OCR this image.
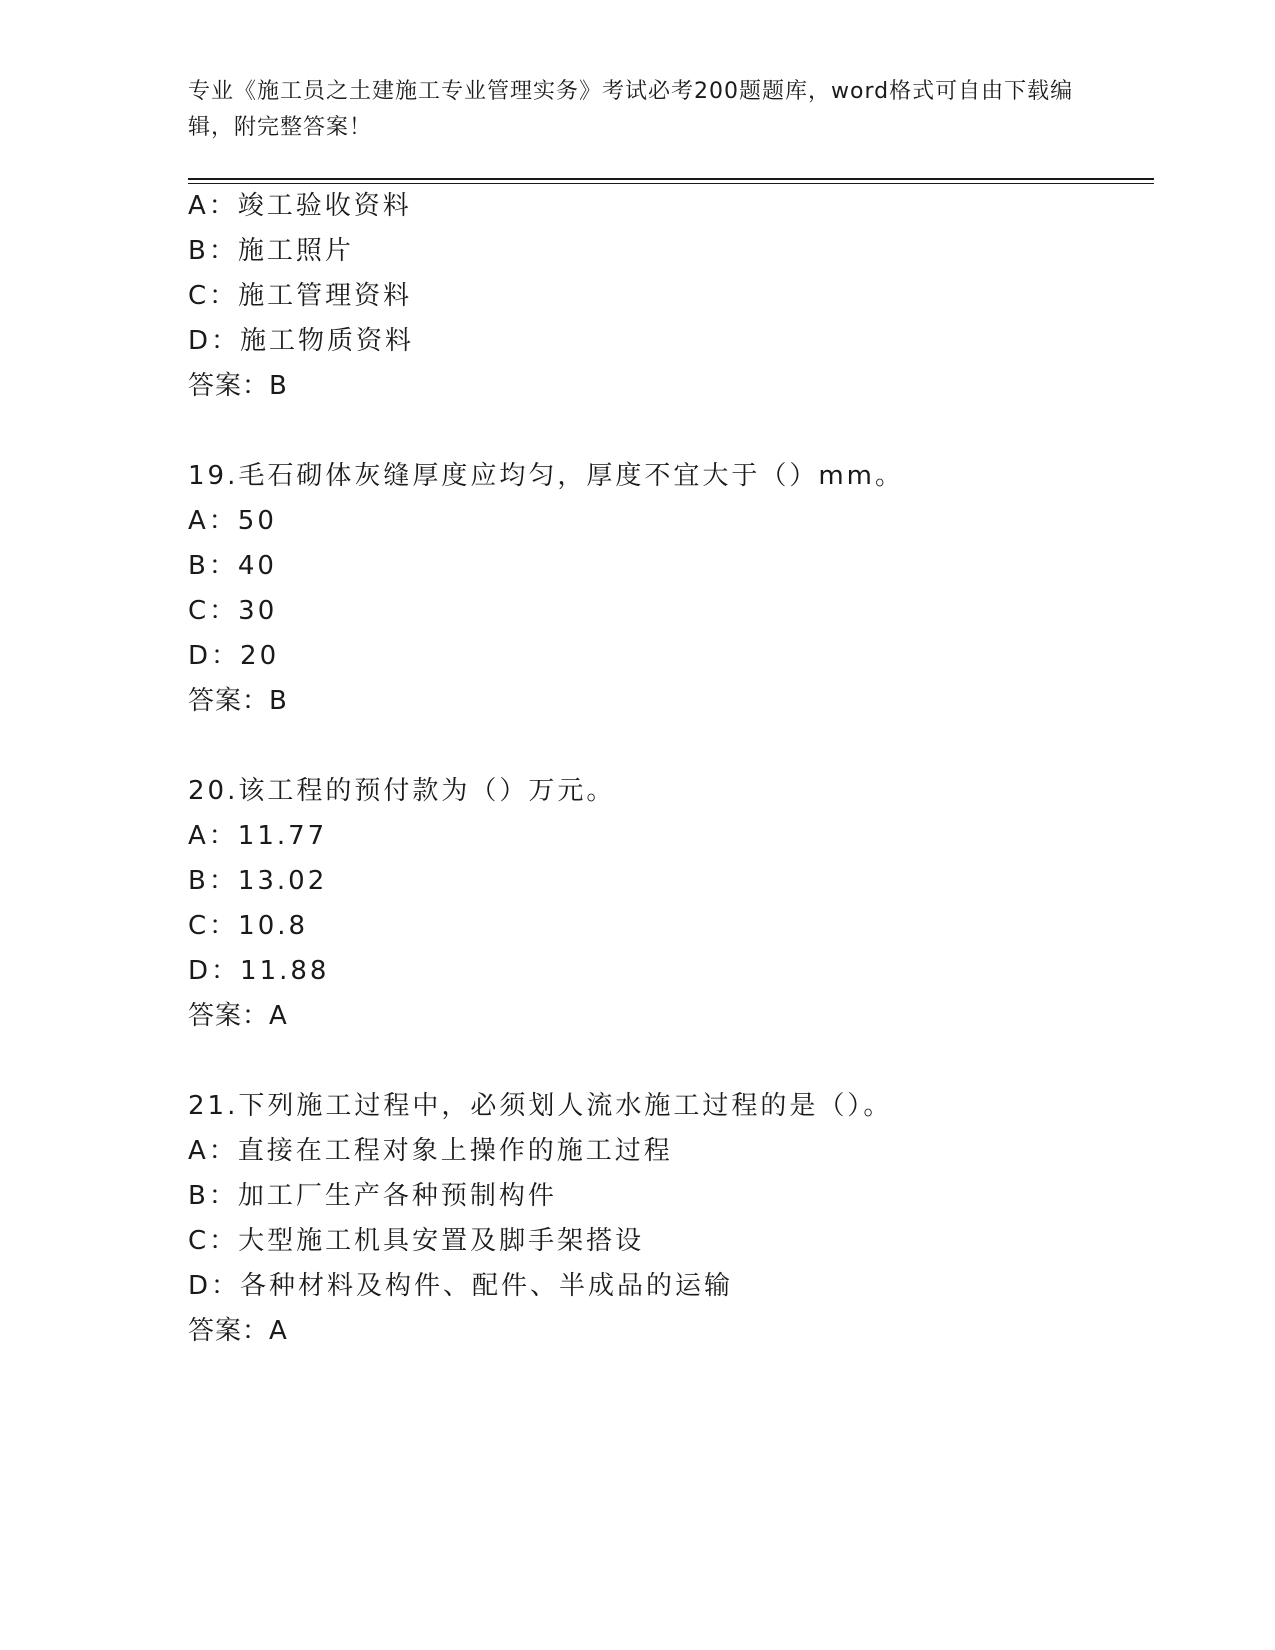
专业《施工员之土建施工专业管理实务》考试必考200题题库，word格式可自由下载编辑，附完整答案！
A：竣工验收资料
B：施工照片
C：施工管理资料
D：施工物质资料
答案：B
19.毛石砌体灰缝厚度应均匀，厚度不宜大于（）mm。
A：50
B：40
C：30
D：20
答案：B
20.该工程的预付款为（）万元。
A：11.77
B：13.02
C：10.8
D：11.88
答案：A
21.下列施工过程中，必须划人流水施工过程的是（）。
A：直接在工程对象上操作的施工过程
B：加工厂生产各种预制构件
C：大型施工机具安置及脚手架搭设
D：各种材料及构件、配件、半成品的运输
答案：A
